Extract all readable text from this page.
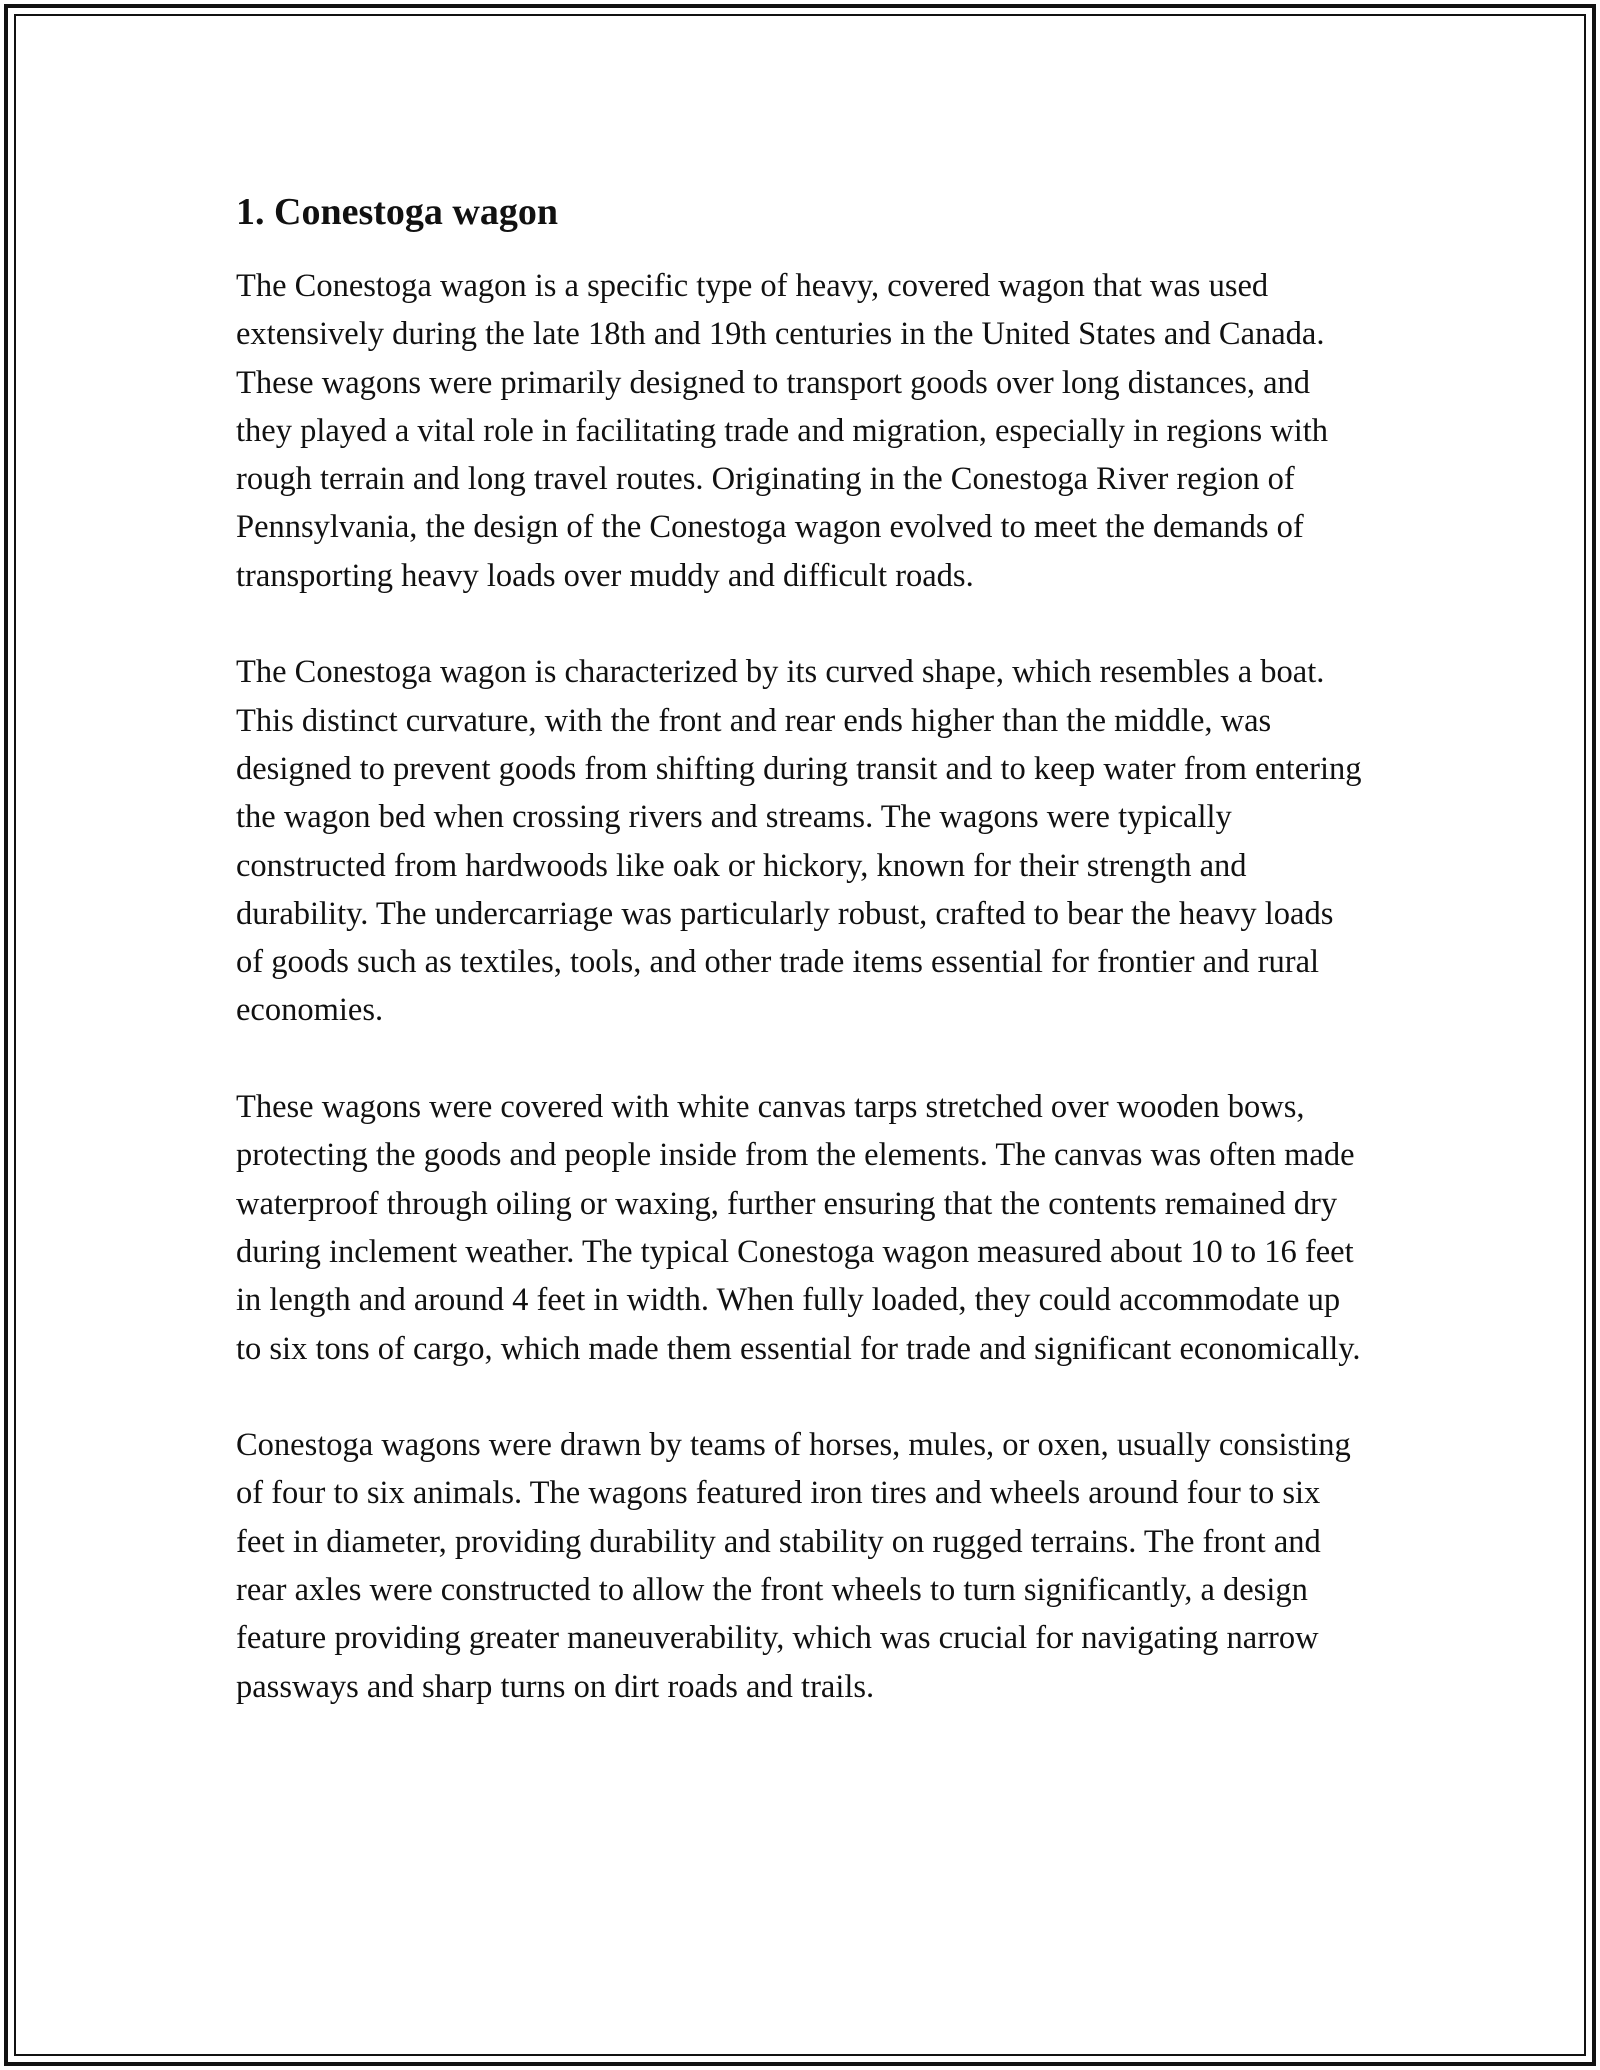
1. Conestoga wagon

The Conestoga wagon is a specific type of heavy, covered wagon that was used extensively during the late 18th and 19th centuries in the United States and Canada. These wagons were primarily designed to transport goods over long distances, and they played a vital role in facilitating trade and migration, especially in regions with rough terrain and long travel routes. Originating in the Conestoga River region of Pennsylvania, the design of the Conestoga wagon evolved to meet the demands of transporting heavy loads over muddy and difficult roads.

The Conestoga wagon is characterized by its curved shape, which resembles a boat. This distinct curvature, with the front and rear ends higher than the middle, was designed to prevent goods from shifting during transit and to keep water from entering the wagon bed when crossing rivers and streams. The wagons were typically constructed from hardwoods like oak or hickory, known for their strength and durability. The undercarriage was particularly robust, crafted to bear the heavy loads of goods such as textiles, tools, and other trade items essential for frontier and rural economies.

These wagons were covered with white canvas tarps stretched over wooden bows, protecting the goods and people inside from the elements. The canvas was often made waterproof through oiling or waxing, further ensuring that the contents remained dry during inclement weather. The typical Conestoga wagon measured about 10 to 16 feet in length and around 4 feet in width. When fully loaded, they could accommodate up to six tons of cargo, which made them essential for trade and significant economically.

Conestoga wagons were drawn by teams of horses, mules, or oxen, usually consisting of four to six animals. The wagons featured iron tires and wheels around four to six feet in diameter, providing durability and stability on rugged terrains. The front and rear axles were constructed to allow the front wheels to turn significantly, a design feature providing greater maneuverability, which was crucial for navigating narrow passways and sharp turns on dirt roads and trails.
